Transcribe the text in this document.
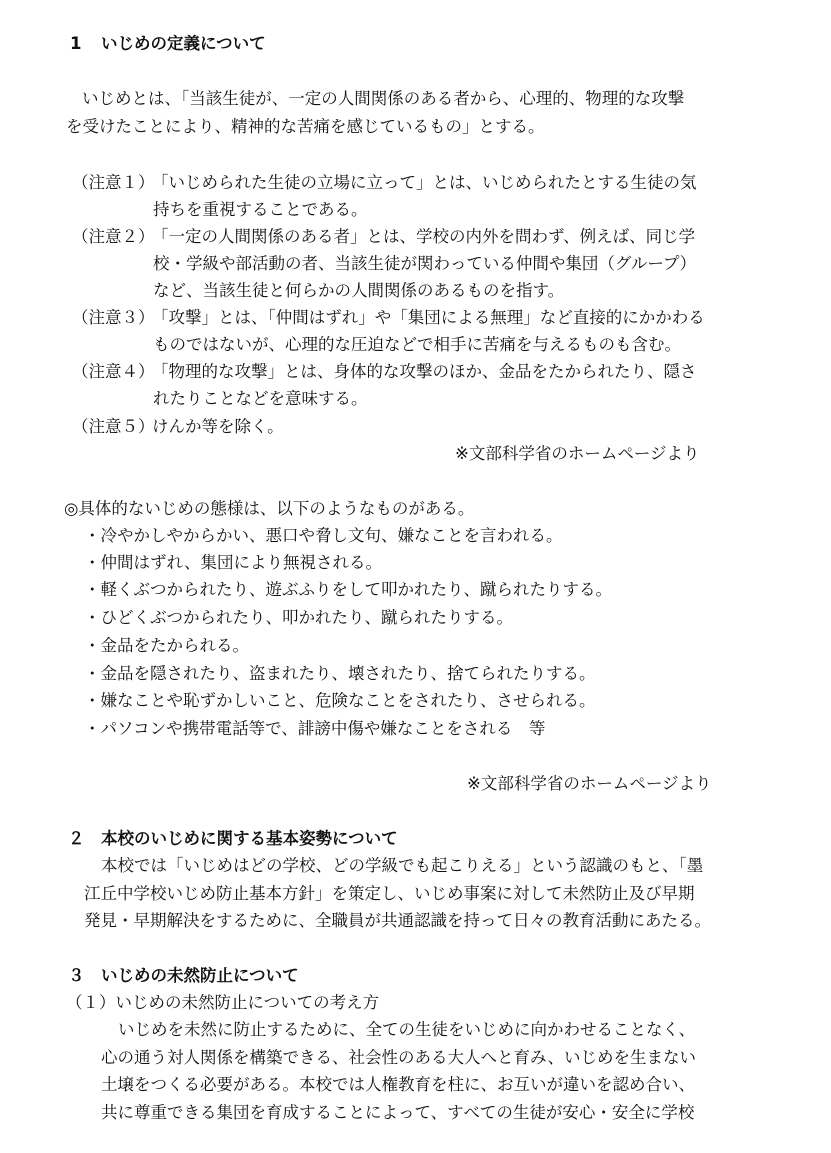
1 いじめの定義について
いじめとは、「当該生徒が、一定の人間関係のある者から、心理的、物理的な攻撃
を受けたことにより、精神的な苦痛を感じているもの」とする。
（注意１）
「いじめられた生徒の立場に立って」とは、いじめられたとする生徒の気
持ちを重視することである。
（注意２）
「一定の人間関係のある者」とは、学校の内外を問わず、例えば、同じ学
校・学級や部活動の者、当該生徒が関わっている仲間や集団（グループ）
など、当該生徒と何らかの人間関係のあるものを指す。
（注意３）
「攻撃」とは、「仲間はずれ」や「集団による無理」など直接的にかかわる
ものではないが、心理的な圧迫などで相手に苦痛を与えるものも含む。
（注意４）
「物理的な攻撃」とは、身体的な攻撃のほか、金品をたかられたり、隠さ
れたりことなどを意味する。
（注意５）
けんか等を除く。
※文部科学省のホームページより
◎具体的ないじめの態様は、以下のようなものがある。
・冷やかしやからかい、悪口や脅し文句、嫌なことを言われる。
・仲間はずれ、集団により無視される。
・軽くぶつかられたり、遊ぶふりをして叩かれたり、蹴られたりする。
・ひどくぶつかられたり、叩かれたり、蹴られたりする。
・金品をたかられる。
・金品を隠されたり、盗まれたり、壊されたり、捨てられたりする。
・嫌なことや恥ずかしいこと、危険なことをされたり、させられる。
・パソコンや携帯電話等で、誹謗中傷や嫌なことをされる　等
※文部科学省のホームページより
２ 本校のいじめに関する基本姿勢について
本校では「いじめはどの学校、どの学級でも起こりえる」という認識のもと、「墨
江丘中学校いじめ防止基本方針」を策定し、いじめ事案に対して未然防止及び早期
発見・早期解決をするために、全職員が共通認識を持って日々の教育活動にあたる。
３ いじめの未然防止について
（１）いじめの未然防止についての考え方
いじめを未然に防止するために、全ての生徒をいじめに向かわせることなく、
心の通う対人関係を構築できる、社会性のある大人へと育み、いじめを生まない
土壌をつくる必要がある。本校では人権教育を柱に、お互いが違いを認め合い、
共に尊重できる集団を育成することによって、すべての生徒が安心・安全に学校
